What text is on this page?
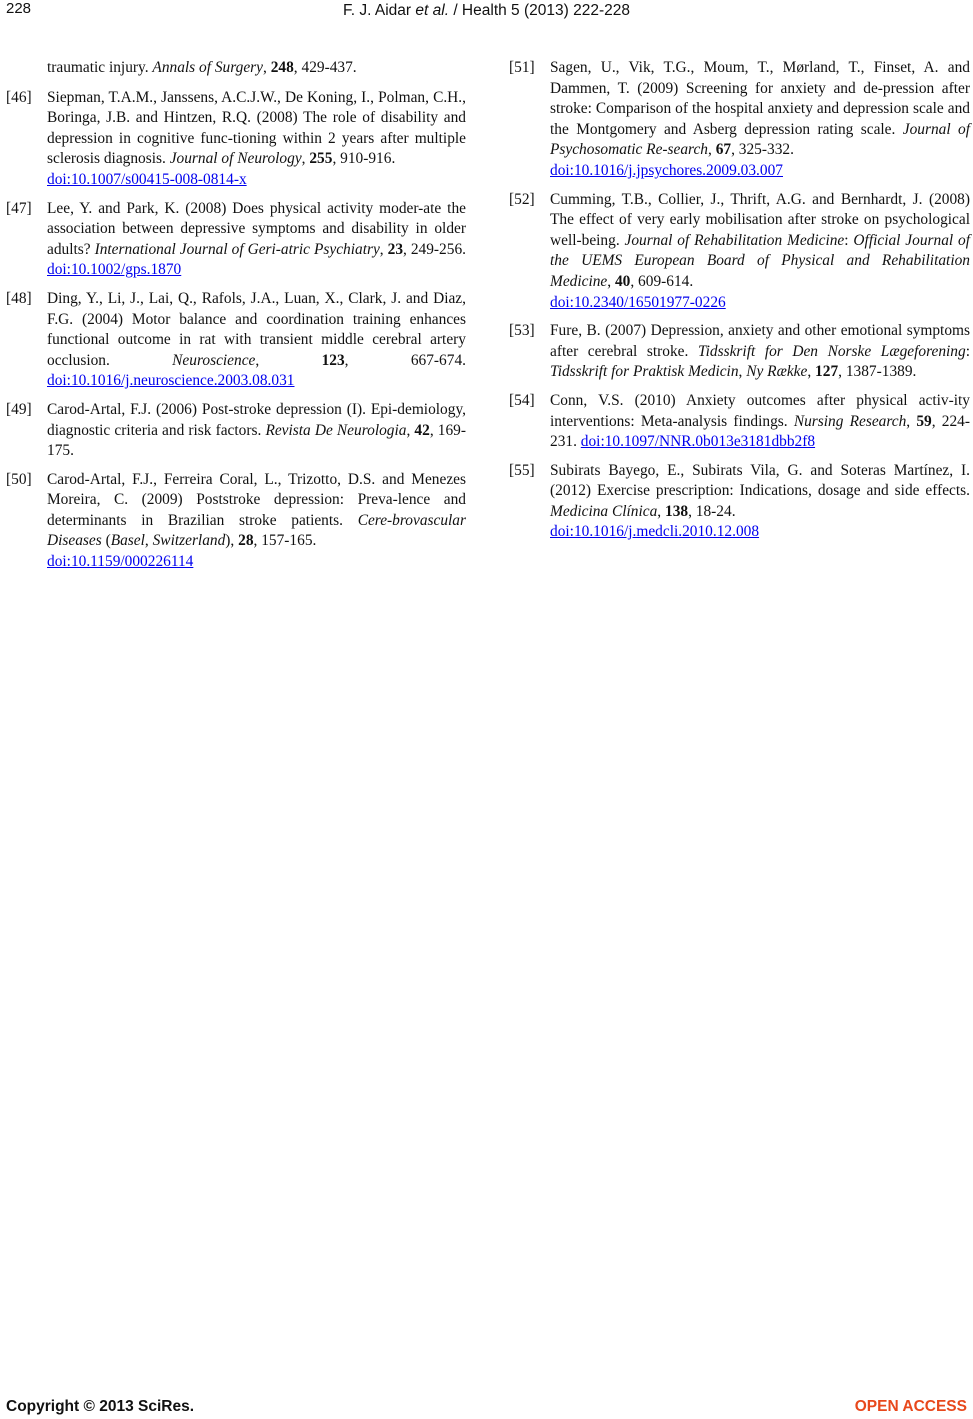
228	F. J. Aidar et al. / Health 5 (2013) 222-228
traumatic injury. Annals of Surgery, 248, 429-437.
[46] Siepman, T.A.M., Janssens, A.C.J.W., De Koning, I., Polman, C.H., Boringa, J.B. and Hintzen, R.Q. (2008) The role of disability and depression in cognitive func-tioning within 2 years after multiple sclerosis diagnosis. Journal of Neurology, 255, 910-916.
doi:10.1007/s00415-008-0814-x
[47] Lee, Y. and Park, K. (2008) Does physical activity moder-ate the association between depressive symptoms and disability in older adults? International Journal of Geri-atric Psychiatry, 23, 249-256. doi:10.1002/gps.1870
[48] Ding, Y., Li, J., Lai, Q., Rafols, J.A., Luan, X., Clark, J. and Diaz, F.G. (2004) Motor balance and coordination training enhances functional outcome in rat with transient middle cerebral artery occlusion. Neuroscience, 123, 667-674. doi:10.1016/j.neuroscience.2003.08.031
[49] Carod-Artal, F.J. (2006) Post-stroke depression (I). Epi-demiology, diagnostic criteria and risk factors. Revista De Neurologia, 42, 169-175.
[50] Carod-Artal, F.J., Ferreira Coral, L., Trizotto, D.S. and Menezes Moreira, C. (2009) Poststroke depression: Preva-lence and determinants in Brazilian stroke patients. Cere-brovascular Diseases (Basel, Switzerland), 28, 157-165.
doi:10.1159/000226114
[51] Sagen, U., Vik, T.G., Moum, T., Mørland, T., Finset, A. and Dammen, T. (2009) Screening for anxiety and de-pression after stroke: Comparison of the hospital anxiety and depression scale and the Montgomery and Asberg depression rating scale. Journal of Psychosomatic Re-search, 67, 325-332.
doi:10.1016/j.jpsychores.2009.03.007
[52] Cumming, T.B., Collier, J., Thrift, A.G. and Bernhardt, J. (2008) The effect of very early mobilisation after stroke on psychological well-being. Journal of Rehabilitation Medicine: Official Journal of the UEMS European Board of Physical and Rehabilitation Medicine, 40, 609-614.
doi:10.2340/16501977-0226
[53] Fure, B. (2007) Depression, anxiety and other emotional symptoms after cerebral stroke. Tidsskrift for Den Norske Lægeforening: Tidsskrift for Praktisk Medicin, Ny Række, 127, 1387-1389.
[54] Conn, V.S. (2010) Anxiety outcomes after physical activ-ity interventions: Meta-analysis findings. Nursing Research, 59, 224-231. doi:10.1097/NNR.0b013e3181dbb2f8
[55] Subirats Bayego, E., Subirats Vila, G. and Soteras Martínez, I. (2012) Exercise prescription: Indications, dosage and side effects. Medicina Clínica, 138, 18-24.
doi:10.1016/j.medcli.2010.12.008
Copyright © 2013 SciRes.	OPEN ACCESS
